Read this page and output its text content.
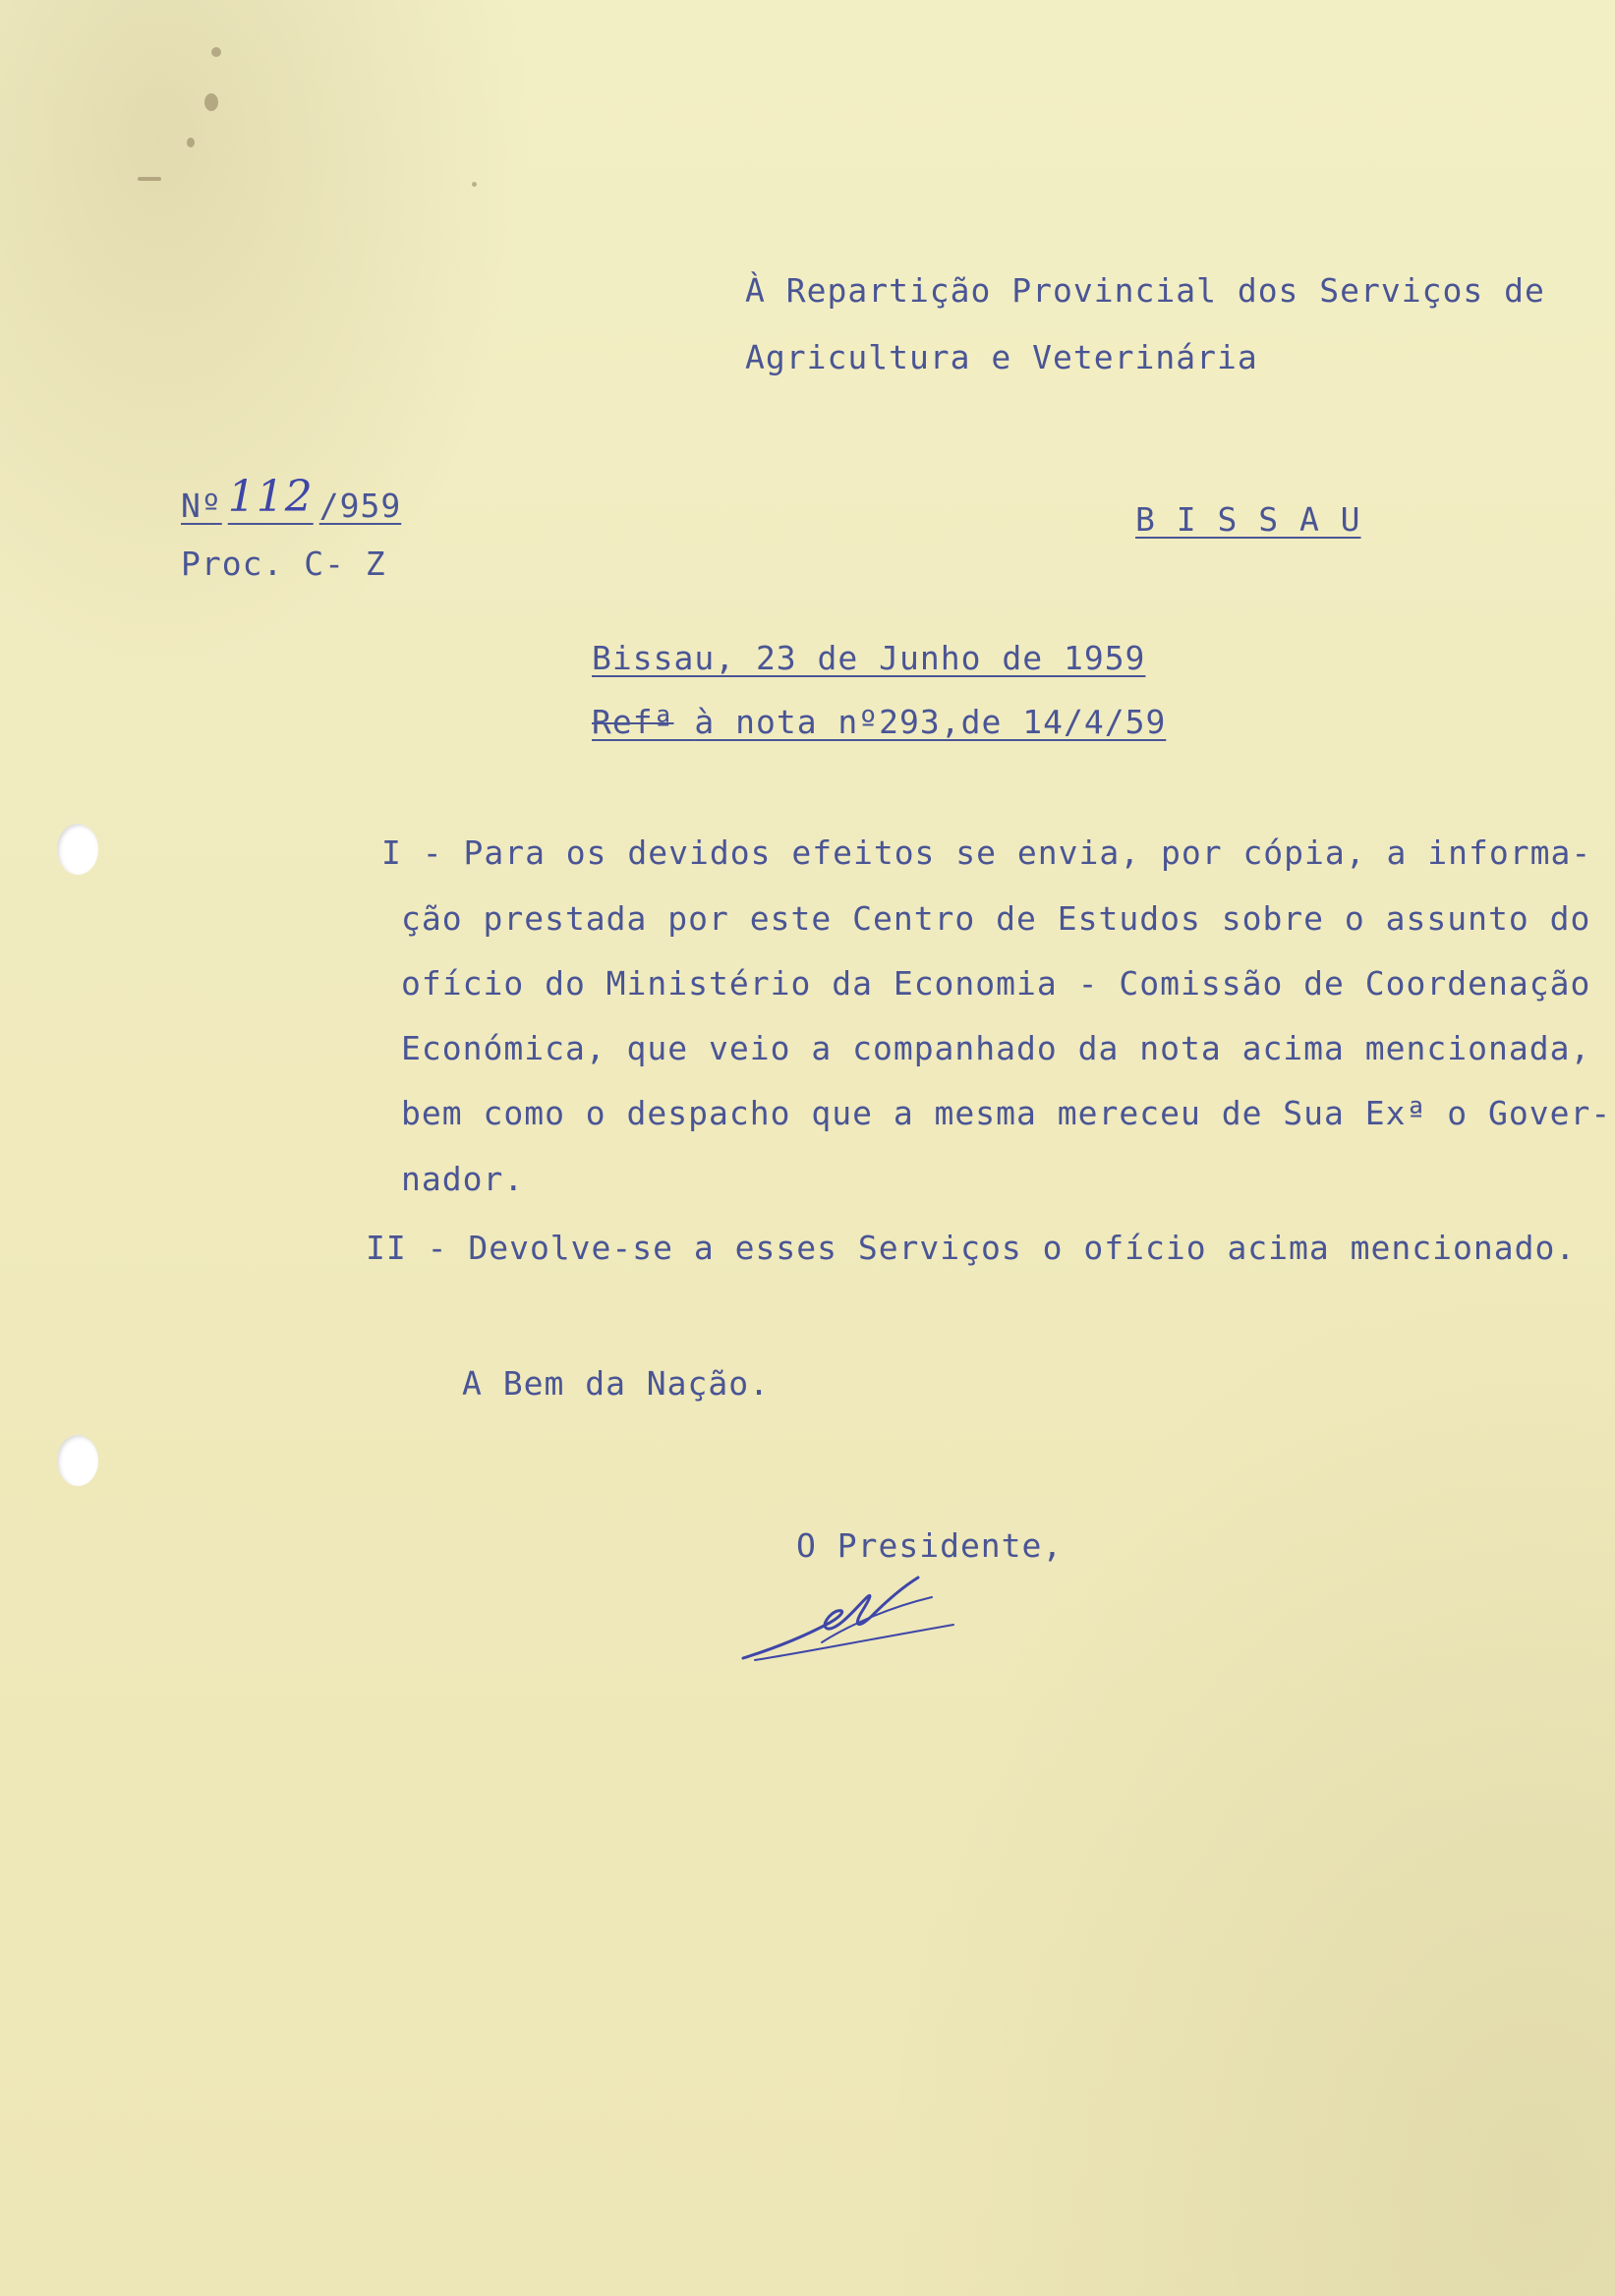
À Repartição Provincial dos Serviços de
Agricultura e Veterinária
Nº 112 /959	B I S S A U
Proc. C- Z
Bissau, 23 de Junho de 1959
Refª à nota nº293,de 14/4/59
I - Para os devidos efeitos se envia, por cópia, a informa-
ção prestada por este Centro de Estudos sobre o assunto do
ofício do Ministério da Economia - Comissão de Coordenação
Económica, que veio a companhado da nota acima mencionada,
bem como o despacho que a mesma mereceu de Sua Exª o Gover-
nador.
II - Devolve-se a esses Serviços o ofício acima mencionado.
A Bem da Nação.
O Presidente,
